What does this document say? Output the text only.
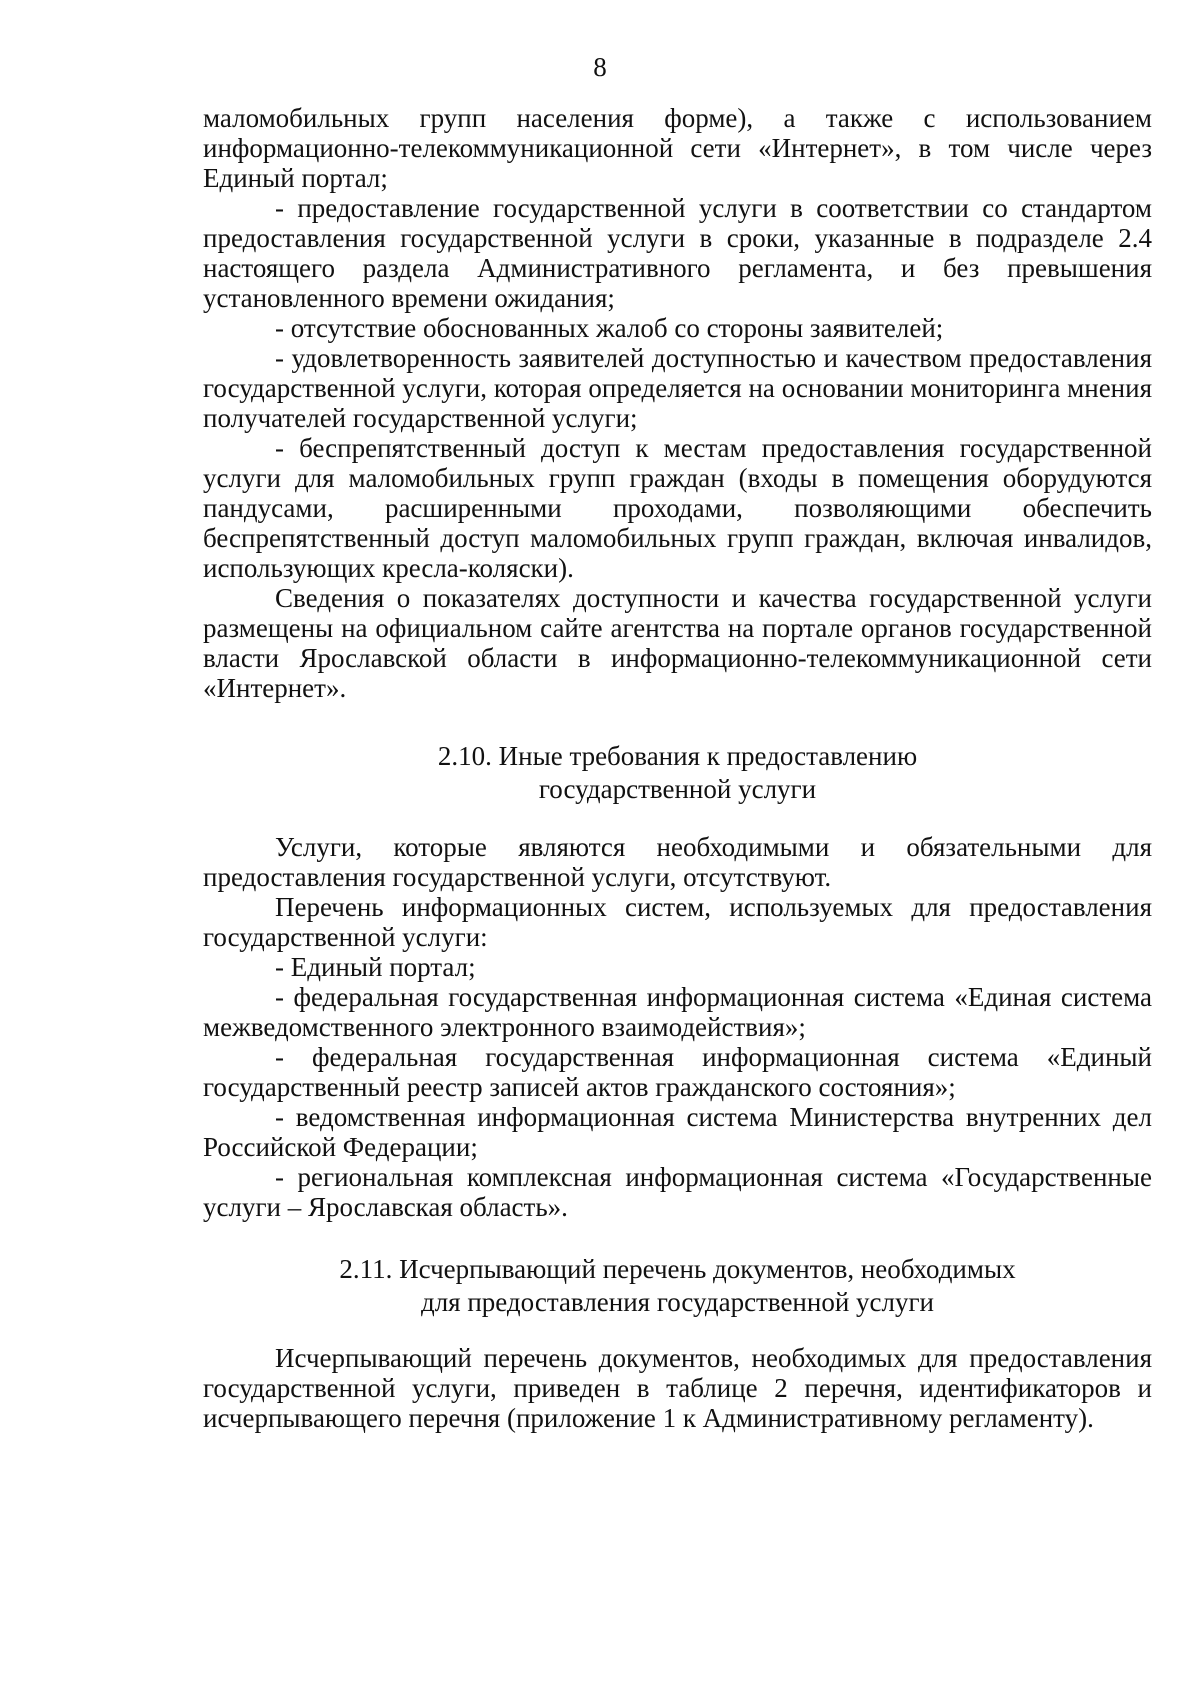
8

маломобильных групп населения форме), а также с использованием информационно-телекоммуникационной сети «Интернет», в том числе через Единый портал;

- предоставление государственной услуги в соответствии со стандартом предоставления государственной услуги в сроки, указанные в подразделе 2.4 настоящего раздела Административного регламента, и без превышения установленного времени ожидания;

- отсутствие обоснованных жалоб со стороны заявителей;

- удовлетворенность заявителей доступностью и качеством предоставления государственной услуги, которая определяется на основании мониторинга мнения получателей государственной услуги;

- беспрепятственный доступ к местам предоставления государственной услуги для маломобильных групп граждан (входы в помещения оборудуются пандусами, расширенными проходами, позволяющими обеспечить беспрепятственный доступ маломобильных групп граждан, включая инвалидов, использующих кресла-коляски).

Сведения о показателях доступности и качества государственной услуги размещены на официальном сайте агентства на портале органов государственной власти Ярославской области в информационно-телекоммуникационной сети «Интернет».

2.10. Иные требования к предоставлению
государственной услуги

Услуги, которые являются необходимыми и обязательными для предоставления государственной услуги, отсутствуют.

Перечень информационных систем, используемых для предоставления государственной услуги:

- Единый портал;

- федеральная государственная информационная система «Единая система межведомственного электронного взаимодействия»;

- федеральная государственная информационная система «Единый государственный реестр записей актов гражданского состояния»;

- ведомственная информационная система Министерства внутренних дел Российской Федерации;

- региональная комплексная информационная система «Государственные услуги – Ярославская область».

2.11. Исчерпывающий перечень документов, необходимых
для предоставления государственной услуги

Исчерпывающий перечень документов, необходимых для предоставления государственной услуги, приведен в таблице 2 перечня, идентификаторов и исчерпывающего перечня (приложение 1 к Административному регламенту).
